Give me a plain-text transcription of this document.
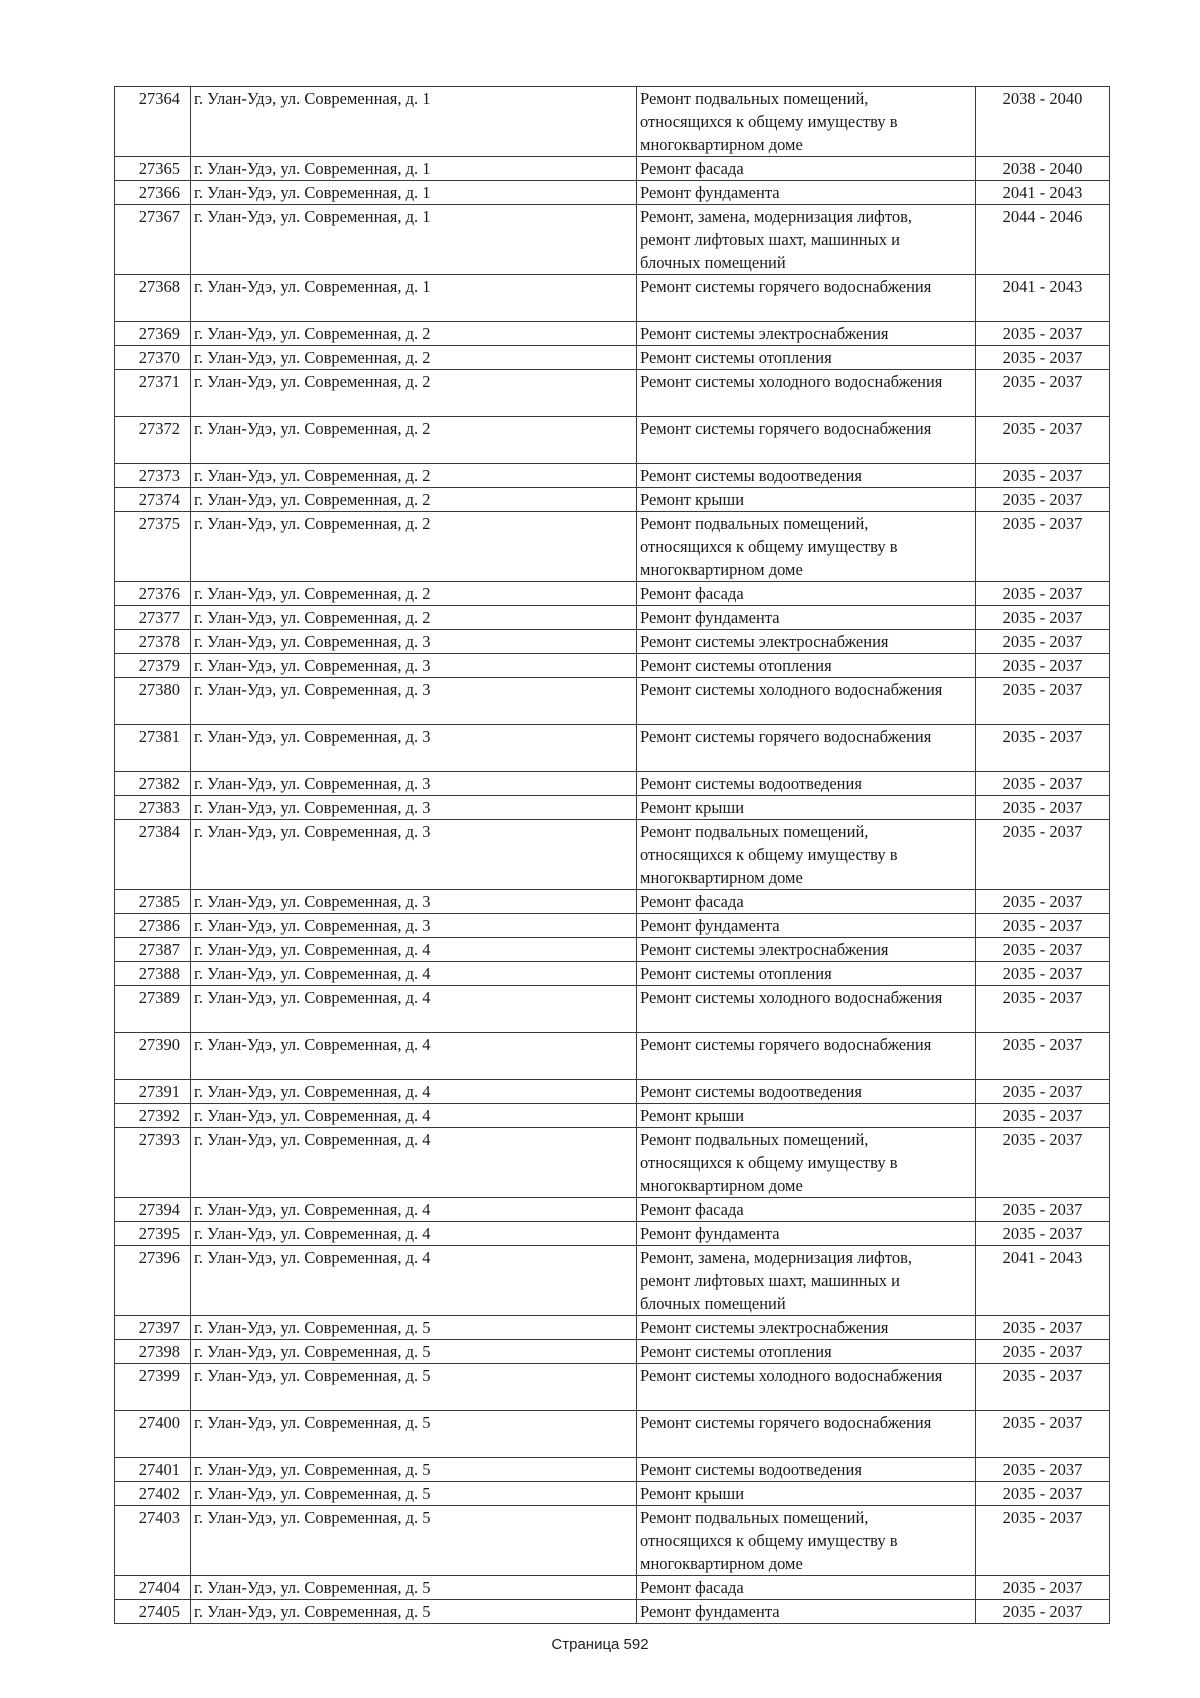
27364	г. Улан-Удэ, ул. Современная, д. 1	Ремонт подвальных помещений,
относящихся к общему имуществу в
многоквартирном доме	2038 - 2040
27365	г. Улан-Удэ, ул. Современная, д. 1	Ремонт фасада	2038 - 2040
27366	г. Улан-Удэ, ул. Современная, д. 1	Ремонт фундамента	2041 - 2043
27367	г. Улан-Удэ, ул. Современная, д. 1	Ремонт, замена, модернизация лифтов,
ремонт лифтовых шахт, машинных и
блочных помещений	2044 - 2046
27368	г. Улан-Удэ, ул. Современная, д. 1	Ремонт системы горячего водоснабжения	2041 - 2043
27369	г. Улан-Удэ, ул. Современная, д. 2	Ремонт системы электроснабжения	2035 - 2037
27370	г. Улан-Удэ, ул. Современная, д. 2	Ремонт системы отопления	2035 - 2037
27371	г. Улан-Удэ, ул. Современная, д. 2	Ремонт системы холодного водоснабжения	2035 - 2037
27372	г. Улан-Удэ, ул. Современная, д. 2	Ремонт системы горячего водоснабжения	2035 - 2037
27373	г. Улан-Удэ, ул. Современная, д. 2	Ремонт системы водоотведения	2035 - 2037
27374	г. Улан-Удэ, ул. Современная, д. 2	Ремонт крыши	2035 - 2037
27375	г. Улан-Удэ, ул. Современная, д. 2	Ремонт подвальных помещений,
относящихся к общему имуществу в
многоквартирном доме	2035 - 2037
27376	г. Улан-Удэ, ул. Современная, д. 2	Ремонт фасада	2035 - 2037
27377	г. Улан-Удэ, ул. Современная, д. 2	Ремонт фундамента	2035 - 2037
27378	г. Улан-Удэ, ул. Современная, д. 3	Ремонт системы электроснабжения	2035 - 2037
27379	г. Улан-Удэ, ул. Современная, д. 3	Ремонт системы отопления	2035 - 2037
27380	г. Улан-Удэ, ул. Современная, д. 3	Ремонт системы холодного водоснабжения	2035 - 2037
27381	г. Улан-Удэ, ул. Современная, д. 3	Ремонт системы горячего водоснабжения	2035 - 2037
27382	г. Улан-Удэ, ул. Современная, д. 3	Ремонт системы водоотведения	2035 - 2037
27383	г. Улан-Удэ, ул. Современная, д. 3	Ремонт крыши	2035 - 2037
27384	г. Улан-Удэ, ул. Современная, д. 3	Ремонт подвальных помещений,
относящихся к общему имуществу в
многоквартирном доме	2035 - 2037
27385	г. Улан-Удэ, ул. Современная, д. 3	Ремонт фасада	2035 - 2037
27386	г. Улан-Удэ, ул. Современная, д. 3	Ремонт фундамента	2035 - 2037
27387	г. Улан-Удэ, ул. Современная, д. 4	Ремонт системы электроснабжения	2035 - 2037
27388	г. Улан-Удэ, ул. Современная, д. 4	Ремонт системы отопления	2035 - 2037
27389	г. Улан-Удэ, ул. Современная, д. 4	Ремонт системы холодного водоснабжения	2035 - 2037
27390	г. Улан-Удэ, ул. Современная, д. 4	Ремонт системы горячего водоснабжения	2035 - 2037
27391	г. Улан-Удэ, ул. Современная, д. 4	Ремонт системы водоотведения	2035 - 2037
27392	г. Улан-Удэ, ул. Современная, д. 4	Ремонт крыши	2035 - 2037
27393	г. Улан-Удэ, ул. Современная, д. 4	Ремонт подвальных помещений,
относящихся к общему имуществу в
многоквартирном доме	2035 - 2037
27394	г. Улан-Удэ, ул. Современная, д. 4	Ремонт фасада	2035 - 2037
27395	г. Улан-Удэ, ул. Современная, д. 4	Ремонт фундамента	2035 - 2037
27396	г. Улан-Удэ, ул. Современная, д. 4	Ремонт, замена, модернизация лифтов,
ремонт лифтовых шахт, машинных и
блочных помещений	2041 - 2043
27397	г. Улан-Удэ, ул. Современная, д. 5	Ремонт системы электроснабжения	2035 - 2037
27398	г. Улан-Удэ, ул. Современная, д. 5	Ремонт системы отопления	2035 - 2037
27399	г. Улан-Удэ, ул. Современная, д. 5	Ремонт системы холодного водоснабжения	2035 - 2037
27400	г. Улан-Удэ, ул. Современная, д. 5	Ремонт системы горячего водоснабжения	2035 - 2037
27401	г. Улан-Удэ, ул. Современная, д. 5	Ремонт системы водоотведения	2035 - 2037
27402	г. Улан-Удэ, ул. Современная, д. 5	Ремонт крыши	2035 - 2037
27403	г. Улан-Удэ, ул. Современная, д. 5	Ремонт подвальных помещений,
относящихся к общему имуществу в
многоквартирном доме	2035 - 2037
27404	г. Улан-Удэ, ул. Современная, д. 5	Ремонт фасада	2035 - 2037
27405	г. Улан-Удэ, ул. Современная, д. 5	Ремонт фундамента	2035 - 2037
Страница 592
